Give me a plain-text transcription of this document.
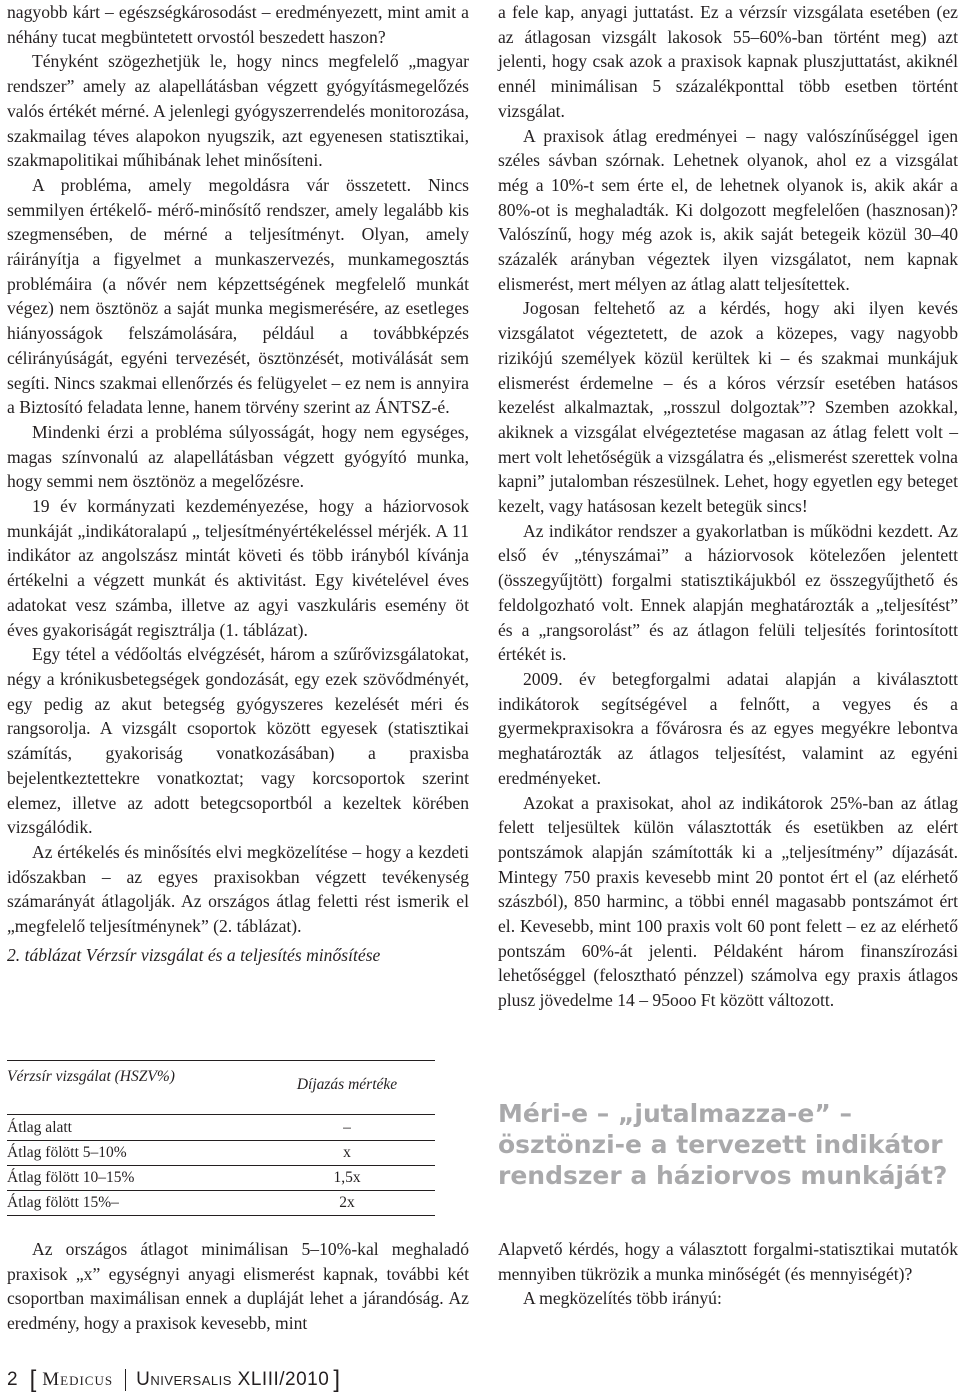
nagyobb kárt – egészségkárosodást – eredményezett, mint amit a néhány tucat megbüntetett orvostól beszedett haszon?

Tényként szögezhetjük le, hogy nincs megfelelő „magyar rendszer” amely az alapellátásban végzett gyógyításmegelőzés valós értékét mérné. A jelenlegi gyógyszerrendelés monitorozása, szakmailag téves alapokon nyugszik, azt egyenesen statisztikai, szakmapolitikai műhibának lehet minősíteni.

A probléma, amely megoldásra vár összetett. Nincs semmilyen értékelő- mérő-minősítő rendszer, amely legalább kis szegmensében, de mérné a teljesítményt. Olyan, amely ráirányítja a figyelmet a munkaszervezés, munkamegosztás problémáira (a nővér nem képzettségének megfelelő munkát végez) nem ösztönöz a saját munka megismerésére, az esetleges hiányosságok felszámolására, például a továbbképzés célirányúságát, egyéni tervezését, ösztönzését, motiválását sem segíti. Nincs szakmai ellenőrzés és felügyelet – ez nem is annyira a Biztosító feladata lenne, hanem törvény szerint az ÁNTSZ-é.

Mindenki érzi a probléma súlyosságát, hogy nem egységes, magas színvonalú az alapellátásban végzett gyógyító munka, hogy semmi nem ösztönöz a megelőzésre.

19 év kormányzati kezdeményezése, hogy a háziorvosok munkáját „indikátoralapú „ teljesítményértékeléssel mérjék. A 11 indikátor az angolszász mintát követi és több irányból kívánja értékelni a végzett munkát és aktivitást. Egy kivételével éves adatokat vesz számba, illetve az agyi vaszkuláris esemény öt éves gyakoriságát regisztrálja (1. táblázat).

Egy tétel a védőoltás elvégzését, három a szűrővizsgálatokat, négy a krónikusbetegségek gondozását, egy ezek szövődményét, egy pedig az akut betegség gyógyszeres kezelését méri és rangsorolja. A vizsgált csoportok között egyesek (statisztikai számítás, gyakoriság vonatkozásában) a praxisba bejelentkeztettekre vonatkoztat; vagy korcsoportok szerint elemez, illetve az adott betegcsoportból a kezeltek körében vizsgálódik.

Az értékelés és minősítés elvi megközelítése – hogy a kezdeti időszakban – az egyes praxisokban végzett tevékenység számarányát átlagolják. Az országos átlag feletti rést ismerik el „megfelelő teljesítménynek” (2. táblázat).

2. táblázat Vérzsír vizsgálat és a teljesítés minősítése

Vérzsír vizsgálat (HSZV%)	Díjazás mértéke
Átlag alatt	–
Átlag fölött 5–10%	x
Átlag fölött 10–15%	1,5x
Átlag fölött 15%–	2x

Az országos átlagot minimálisan 5–10%-kal meghaladó praxisok „x” egységnyi anyagi elismerést kapnak, további két csoportban maximálisan ennek a dupláját lehet a járandóság. Az eredmény, hogy a praxisok kevesebb, mint

a fele kap, anyagi juttatást. Ez a vérzsír vizsgálata esetében (ez az átlagosan vizsgált lakosok 55–60%-ban történt meg) azt jelenti, hogy csak azok a praxisok kapnak pluszjuttatást, akiknél ennél minimálisan 5 százalékponttal több esetben történt vizsgálat.

A praxisok átlag eredményei – nagy valószínűséggel igen széles sávban szórnak. Lehetnek olyanok, ahol ez a vizsgálat még a 10%-t sem érte el, de lehetnek olyanok is, akik akár a 80%-ot is meghaladták. Ki dolgozott megfelelően (hasznosan)? Valószínű, hogy még azok is, akik saját betegeik közül 30–40 százalék arányban végeztek ilyen vizsgálatot, nem kapnak elismerést, mert mélyen az átlag alatt teljesítettek.

Jogosan feltehető az a kérdés, hogy aki ilyen kevés vizsgálatot végeztetett, de azok a közepes, vagy nagyobb rizikójú személyek közül kerültek ki – és szakmai munkájuk elismerést érdemelne – és a kóros vérzsír esetében hatásos kezelést alkalmaztak, „rosszul dolgoztak”? Szemben azokkal, akiknek a vizsgálat elvégeztetése magasan az átlag felett volt – mert volt lehetőségük a vizsgálatra és „elismerést szerettek volna kapni” jutalomban részesülnek. Lehet, hogy egyetlen egy beteget kezelt, vagy hatásosan kezelt betegük sincs!

Az indikátor rendszer a gyakorlatban is működni kezdett. Az első év „tényszámai” a háziorvosok kötelezően jelentett (összegyűjtött) forgalmi statisztikájukból ez összegyűjthető és feldolgozható volt. Ennek alapján meghatározták a „teljesítést” és a „rangsorolást” és az átlagon felüli teljesítés forintosított értékét is.

2009. év betegforgalmi adatai alapján a kiválasztott indikátorok segítségével a felnőtt, a vegyes és a gyermekpraxisokra a fővárosra és az egyes megyékre lebontva meghatározták az átlagos teljesítést, valamint az egyéni eredményeket.

Azokat a praxisokat, ahol az indikátorok 25%-ban az átlag felett teljesültek külön választották és esetükben az elért pontszámok alapján számították ki a „teljesítmény” díjazását. Mintegy 750 praxis kevesebb mint 20 pontot ért el (az elérhető szászból), 850 harminc, a többi ennél magasabb pontszámot ért el. Kevesebb, mint 100 praxis volt 60 pont felett – ez az elérhető pontszám 60%-át jelenti. Példaként három finanszírozási lehetőséggel (felosztható pénzzel) számolva egy praxis átlagos plusz jövedelme 14 – 95ooo Ft között változott.

Méri-e – „jutalmazza-e” – ösztönzi-e a tervezett indikátor rendszer a háziorvos munkáját?

Alapvető kérdés, hogy a választott forgalmi-statisztikai mutatók mennyiben tükrözik a munka minőségét (és mennyiségét)?

A megközelítés több irányú:

2 [ Medicus Universalis XLIII/2010 ]
